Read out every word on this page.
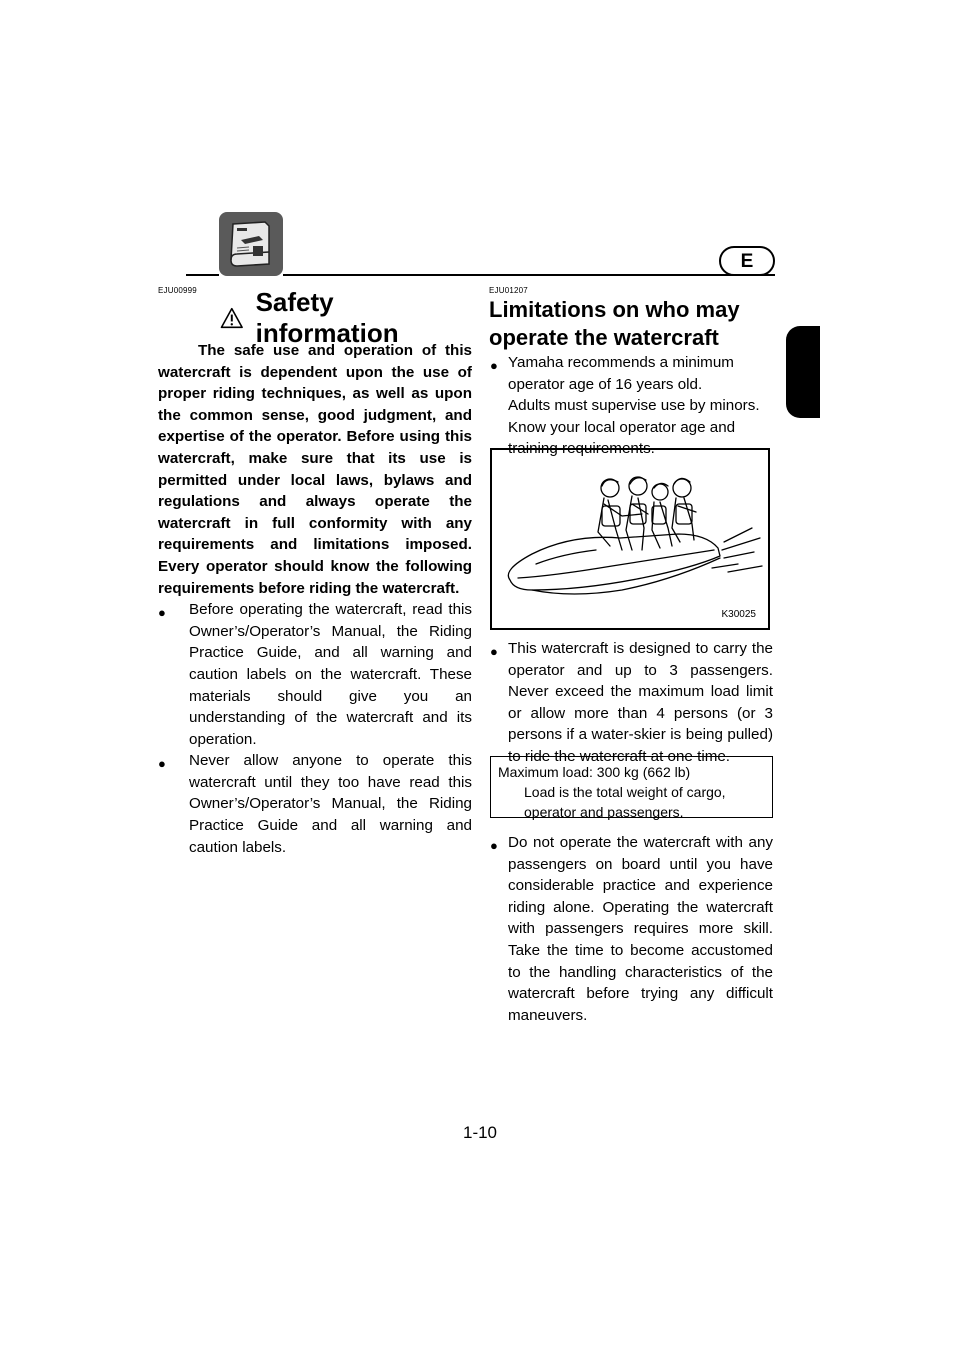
E
EJU00999 Safety information
The safe use and operation of this watercraft is dependent upon the use of proper riding techniques, as well as upon the common sense, good judgment, and expertise of the operator. Before using this watercraft, make sure that its use is permitted under local laws, bylaws and regulations and always operate the watercraft in full conformity with any requirements and limitations imposed. Every operator should know the following requirements before riding the watercraft.
● Before operating the watercraft, read this Owner’s/Operator’s Manual, the Riding Practice Guide, and all warning and caution labels on the watercraft. These materials should give you an understanding of the watercraft and its operation.
● Never allow anyone to operate this watercraft until they too have read this Owner’s/Operator’s Manual, the Riding Practice Guide and all warning and caution labels.
EJU01207
Limitations on who may
operate the watercraft
● Yamaha recommends a minimum operator age of 16 years old.
Adults must supervise use by minors.
Know your local operator age and training requirements.
K30025
● This watercraft is designed to carry the operator and up to 3 passengers. Never exceed the maximum load limit or allow more than 4 persons (or 3 persons if a water-skier is being pulled) to ride the watercraft at one time.
Maximum load: 300 kg (662 lb)
Load is the total weight of cargo, operator and passengers.
● Do not operate the watercraft with any passengers on board until you have considerable practice and experience riding alone. Operating the watercraft with passengers requires more skill. Take the time to become accustomed to the handling characteristics of the watercraft before trying any difficult maneuvers.
1-10
